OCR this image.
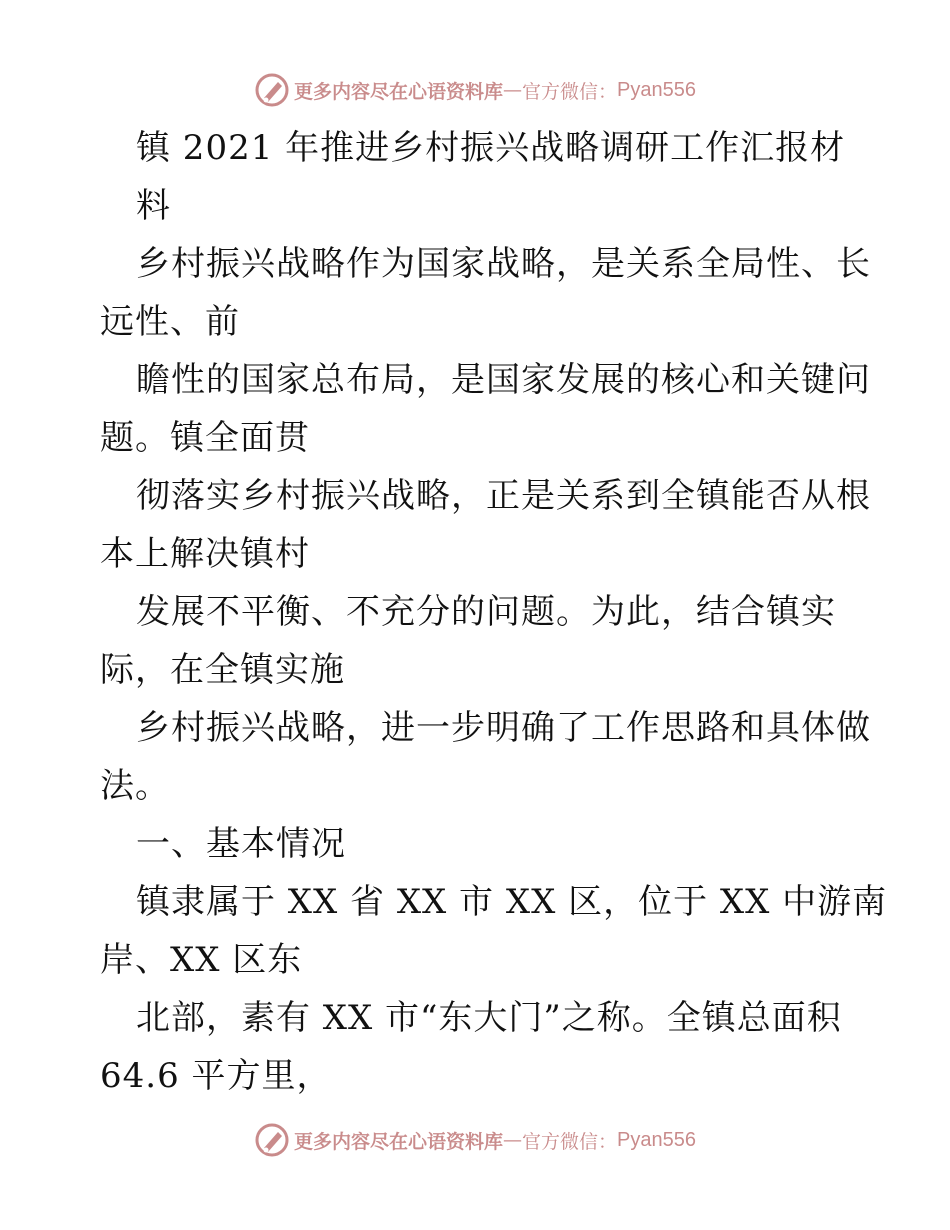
更多内容尽在心语资料库 — 官方微信： Pyan556
镇 2021 年推进乡村振兴战略调研工作汇报材
料
乡村振兴战略作为国家战略，是关系全局性、长
远性、前
瞻性的国家总布局，是国家发展的核心和关键问
题。镇全面贯
彻落实乡村振兴战略，正是关系到全镇能否从根
本上解决镇村
发展不平衡、不充分的问题。为此，结合镇实
际，在全镇实施
乡村振兴战略，进一步明确了工作思路和具体做
法。
一、基本情况
镇隶属于 XX 省 XX 市 XX 区，位于 XX 中游南
岸、XX 区东
北部，素有 XX 市“东大门”之称。全镇总面积
64.6 平方里，
更多内容尽在心语资料库 — 官方微信： Pyan556
